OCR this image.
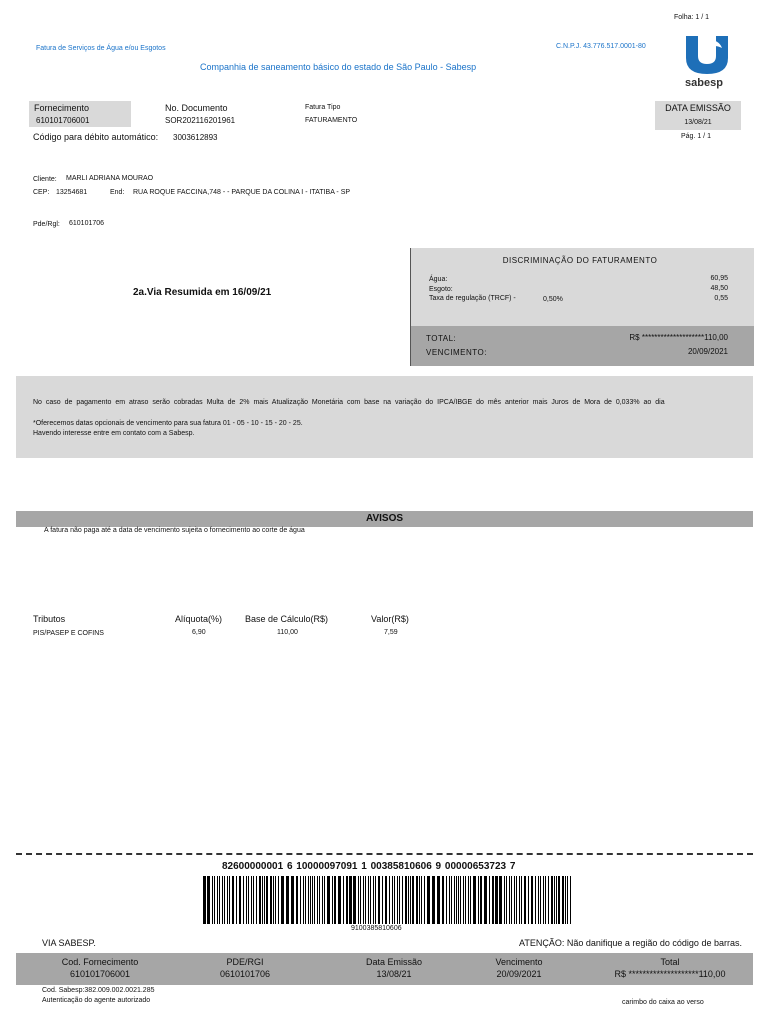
Folha: 1 / 1
Fatura de Serviços de Água e/ou Esgotos	C.N.P.J. 43.776.517.0001-80
Companhia de saneamento básico do estado de São Paulo - Sabesp
sabesp
Fornecimento
610101706001
No. Documento
SOR202116201961
Fatura Tipo
FATURAMENTO
DATA EMISSÃO
13/08/21
Pág. 1 / 1
Código para débito automático: 3003612893
Cliente: MARLI ADRIANA MOURAO
CEP: 13254681	End: RUA ROQUE FACCINA,748 - - PARQUE DA COLINA I - ITATIBA - SP
Pde/Rgl: 610101706
2a.Via Resumida em 16/09/21
DISCRIMINAÇÃO DO FATURAMENTO
Água:	60,95
Esgoto:	48,50
Taxa de regulação (TRCF) -	0,50%	0,55
TOTAL:	R$ ********************110,00
VENCIMENTO:	20/09/2021
No caso de pagamento em atraso serão cobradas Multa de 2% mais Atualização Monetária com base na variação do IPCA/IBGE do mês anterior mais Juros de Mora de 0,033% ao dia
*Oferecemos datas opcionais de vencimento para sua fatura 01 - 05 - 10 - 15 - 20 - 25.
Havendo interesse entre em contato com a Sabesp.
AVISOS
A fatura não paga até a data de vencimento sujeita o fornecimento ao corte de água
Tributos	Alíquota(%)	Base de Cálculo(R$)	Valor(R$)
PIS/PASEP E COFINS	6,90	110,00	7,59
82600000001 6 10000097091 1 00385810606 9 00000653723 7
9100385810606
VIA SABESP.	ATENÇÃO: Não danifique a região do código de barras.
Cod. Fornecimento
610101706001
PDE/RGI
0610101706
Data Emissão
13/08/21
Vencimento
20/09/2021
Total
R$ ********************110,00
Cod. Sabesp:382.009.002.0021.285
Autenticação do agente autorizado	carimbo do caixa ao verso
